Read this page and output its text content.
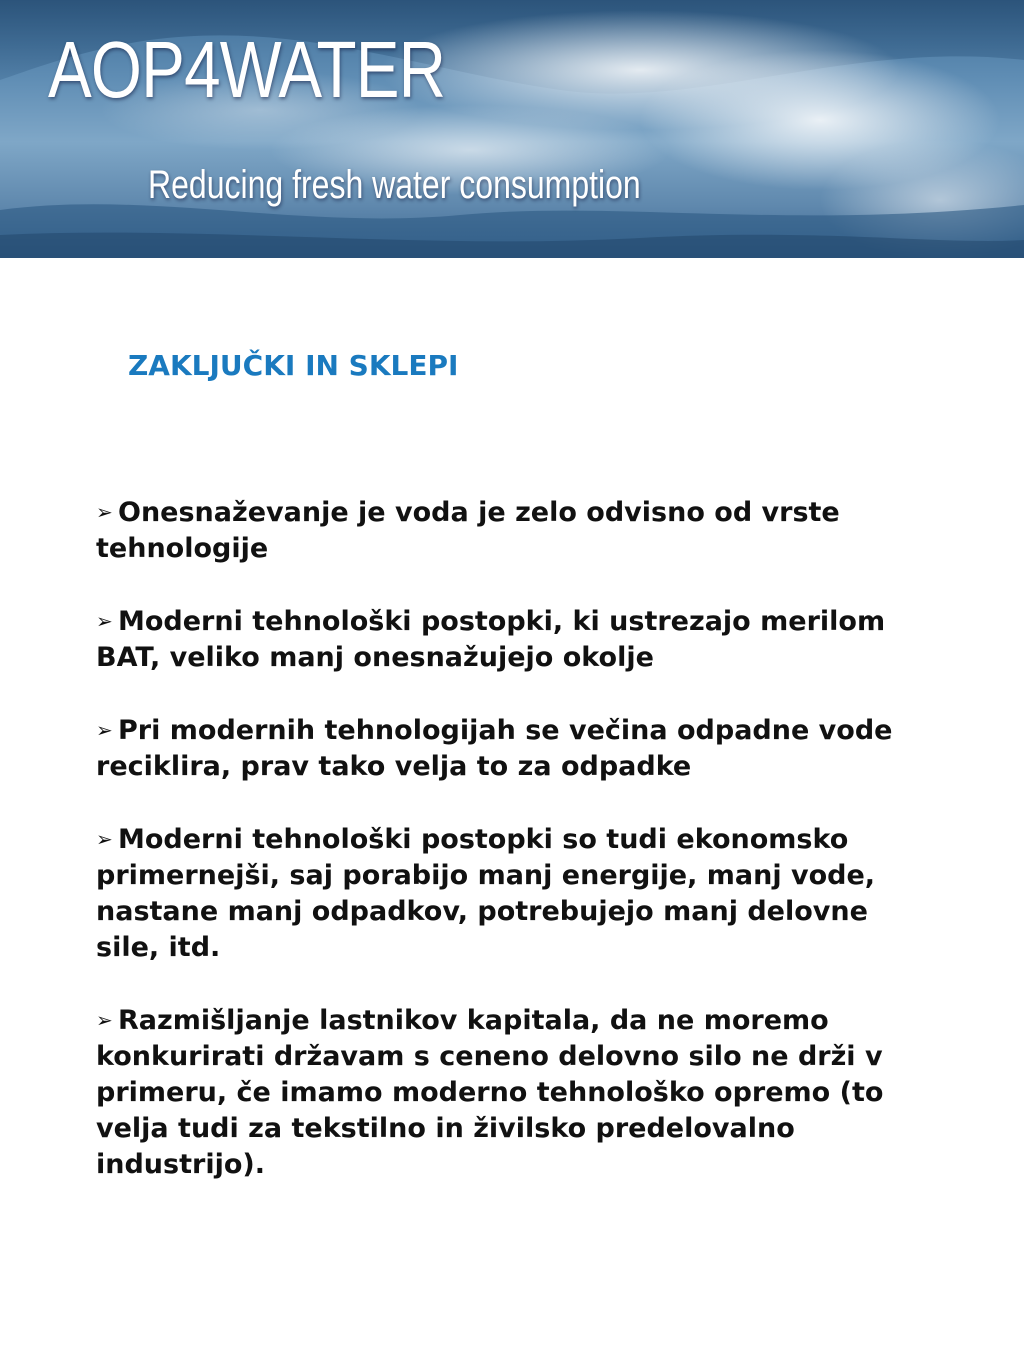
AOP4WATER
Reducing fresh water consumption
ZAKLJUČKI IN SKLEPI
➢ Onesnaževanje je voda je zelo odvisno od vrste tehnologije
➢ Moderni tehnološki postopki, ki ustrezajo merilom BAT, veliko manj onesnažujejo okolje
➢ Pri modernih tehnologijah se večina odpadne vode reciklira, prav tako velja to za odpadke
➢ Moderni tehnološki postopki so tudi ekonomsko primernejši, saj porabijo manj energije, manj vode, nastane manj odpadkov, potrebujejo manj delovne sile, itd.
➢ Razmišljanje lastnikov kapitala, da ne moremo konkurirati državam s ceneno delovno silo ne drži v primeru, če imamo moderno tehnološko opremo (to velja tudi za tekstilno in živilsko predelovalno industrijo).
